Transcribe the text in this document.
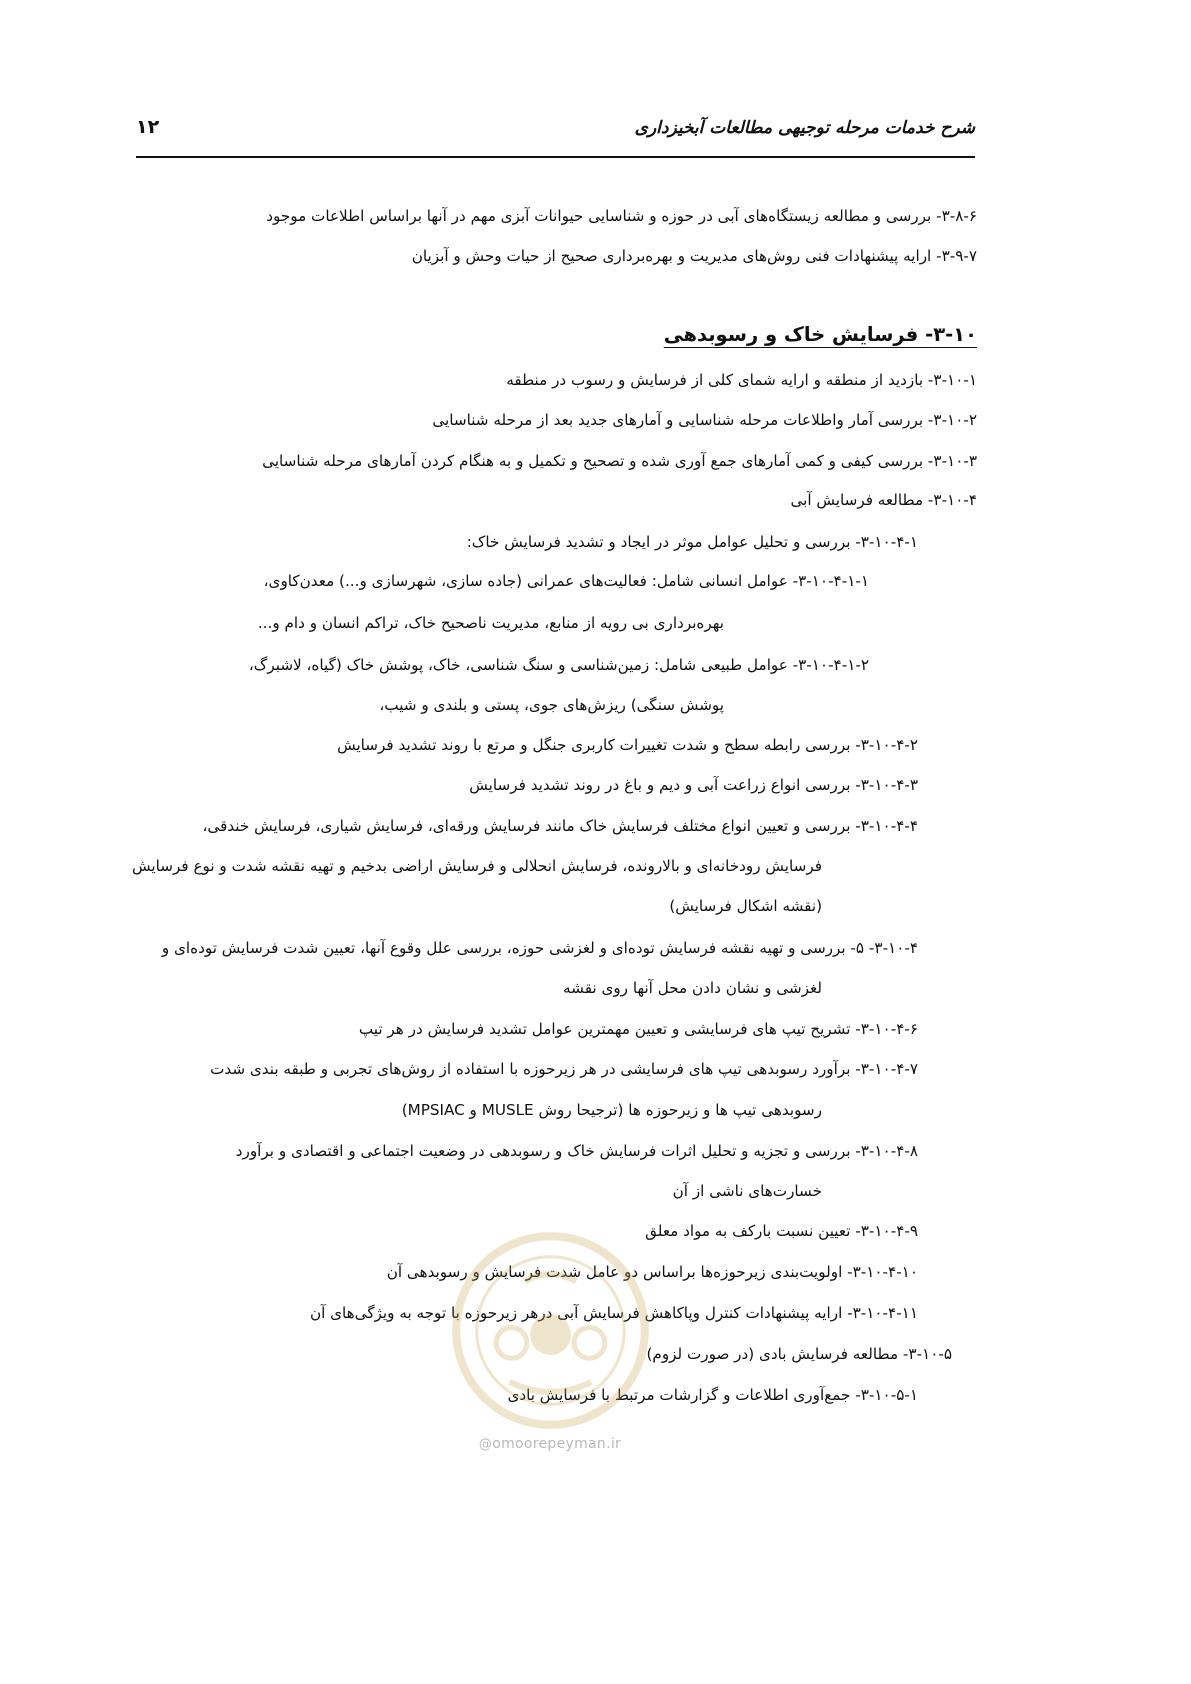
شرح خدمات مرحله توجیهی مطالعات آبخیزداری
۱۲
۳-۸-۶- بررسی و مطالعه زیستگاه‌های آبی در حوزه و شناسایی حیوانات آبزی مهم در آنها براساس اطلاعات موجود
۳-۹-۷- ارایه پیشنهادات فنی روش‌های مدیریت و بهره‌برداری صحیح از حیات وحش و آبزیان
۳-۱۰- فرسایش خاک و رسوبدهی
۳-۱۰-۱- بازدید از منطقه و ارایه شمای کلی از فرسایش و رسوب در منطقه
۳-۱۰-۲- بررسی آمار واطلاعات مرحله شناسایی و آمارهای جدید بعد از مرحله شناسایی
۳-۱۰-۳- بررسی کیفی و کمی آمارهای جمع آوری شده و تصحیح و تکمیل و به هنگام کردن آمارهای مرحله شناسایی
۳-۱۰-۴- مطالعه فرسایش آبی
۳-۱۰-۴-۱- بررسی و تحلیل عوامل موثر در ایجاد و تشدید فرسایش خاک:
۳-۱۰-۴-۱-۱- عوامل انسانی شامل: فعالیت‌های عمرانی (جاده سازی، شهرسازی و...) معدن‌کاوی،
بهره‌برداری بی رویه از منابع، مدیریت ناصحیح خاک، تراکم انسان و دام و...
۳-۱۰-۴-۱-۲- عوامل طبیعی شامل: زمین‌شناسی و سنگ شناسی، خاک، پوشش خاک (گیاه، لاشبرگ،
پوشش سنگی) ریزش‌های جوی، پستی و بلندی و شیب،
۳-۱۰-۴-۲- بررسی رابطه سطح و شدت تغییرات کاربری جنگل و مرتع با روند تشدید فرسایش
۳-۱۰-۴-۳- بررسی انواع زراعت آبی و دیم و باغ در روند تشدید فرسایش
۳-۱۰-۴-۴- بررسی و تعیین انواع مختلف فرسایش خاک مانند فرسایش ورقه‌ای، فرسایش شیاری، فرسایش خندقی،
فرسایش رودخانه‌ای و بالارونده، فرسایش انحلالی و فرسایش اراضی بدخیم و تهیه نقشه شدت و نوع فرسایش
(نقشه اشکال فرسایش)
۳-۱۰-۴- ۵- بررسی و تهیه نقشه فرسایش توده‌ای و لغزشی حوزه، بررسی علل وقوع آنها، تعیین شدت فرسایش توده‌ای و
لغزشی و نشان دادن محل آنها روی نقشه
۳-۱۰-۴-۶- تشریح تیپ های فرسایشی و تعیین مهمترین عوامل تشدید فرسایش در هر تیپ
۳-۱۰-۴-۷- برآورد رسوبدهی تیپ های فرسایشی در هر زیرحوزه با استفاده از روش‌های تجربی و طبقه بندی شدت
رسوبدهی تیپ ها و زیرحوزه ها (ترجیحا روش MUSLE و MPSIAC)
۳-۱۰-۴-۸- بررسی و تجزیه و تحلیل اثرات فرسایش خاک و رسوبدهی در وضعیت اجتماعی و اقتصادی و برآورد
خسارت‌های ناشی از آن
۳-۱۰-۴-۹- تعیین نسبت بارکف به مواد معلق
۳-۱۰-۴-۱۰- اولویت‌بندی زیرحوزه‌ها براساس دو عامل شدت فرسایش و رسوبدهی آن
۳-۱۰-۴-۱۱- ارایه پیشنهادات کنترل وپاکاهش فرسایش آبی درهر زیرحوزه با توجه به ویژگی‌های آن
۳-۱۰-۵- مطالعه فرسایش بادی (در صورت لزوم)
۳-۱۰-۵-۱- جمع‌آوری اطلاعات و گزارشات مرتبط با فرسایش بادی
@omoorepeyman.ir
